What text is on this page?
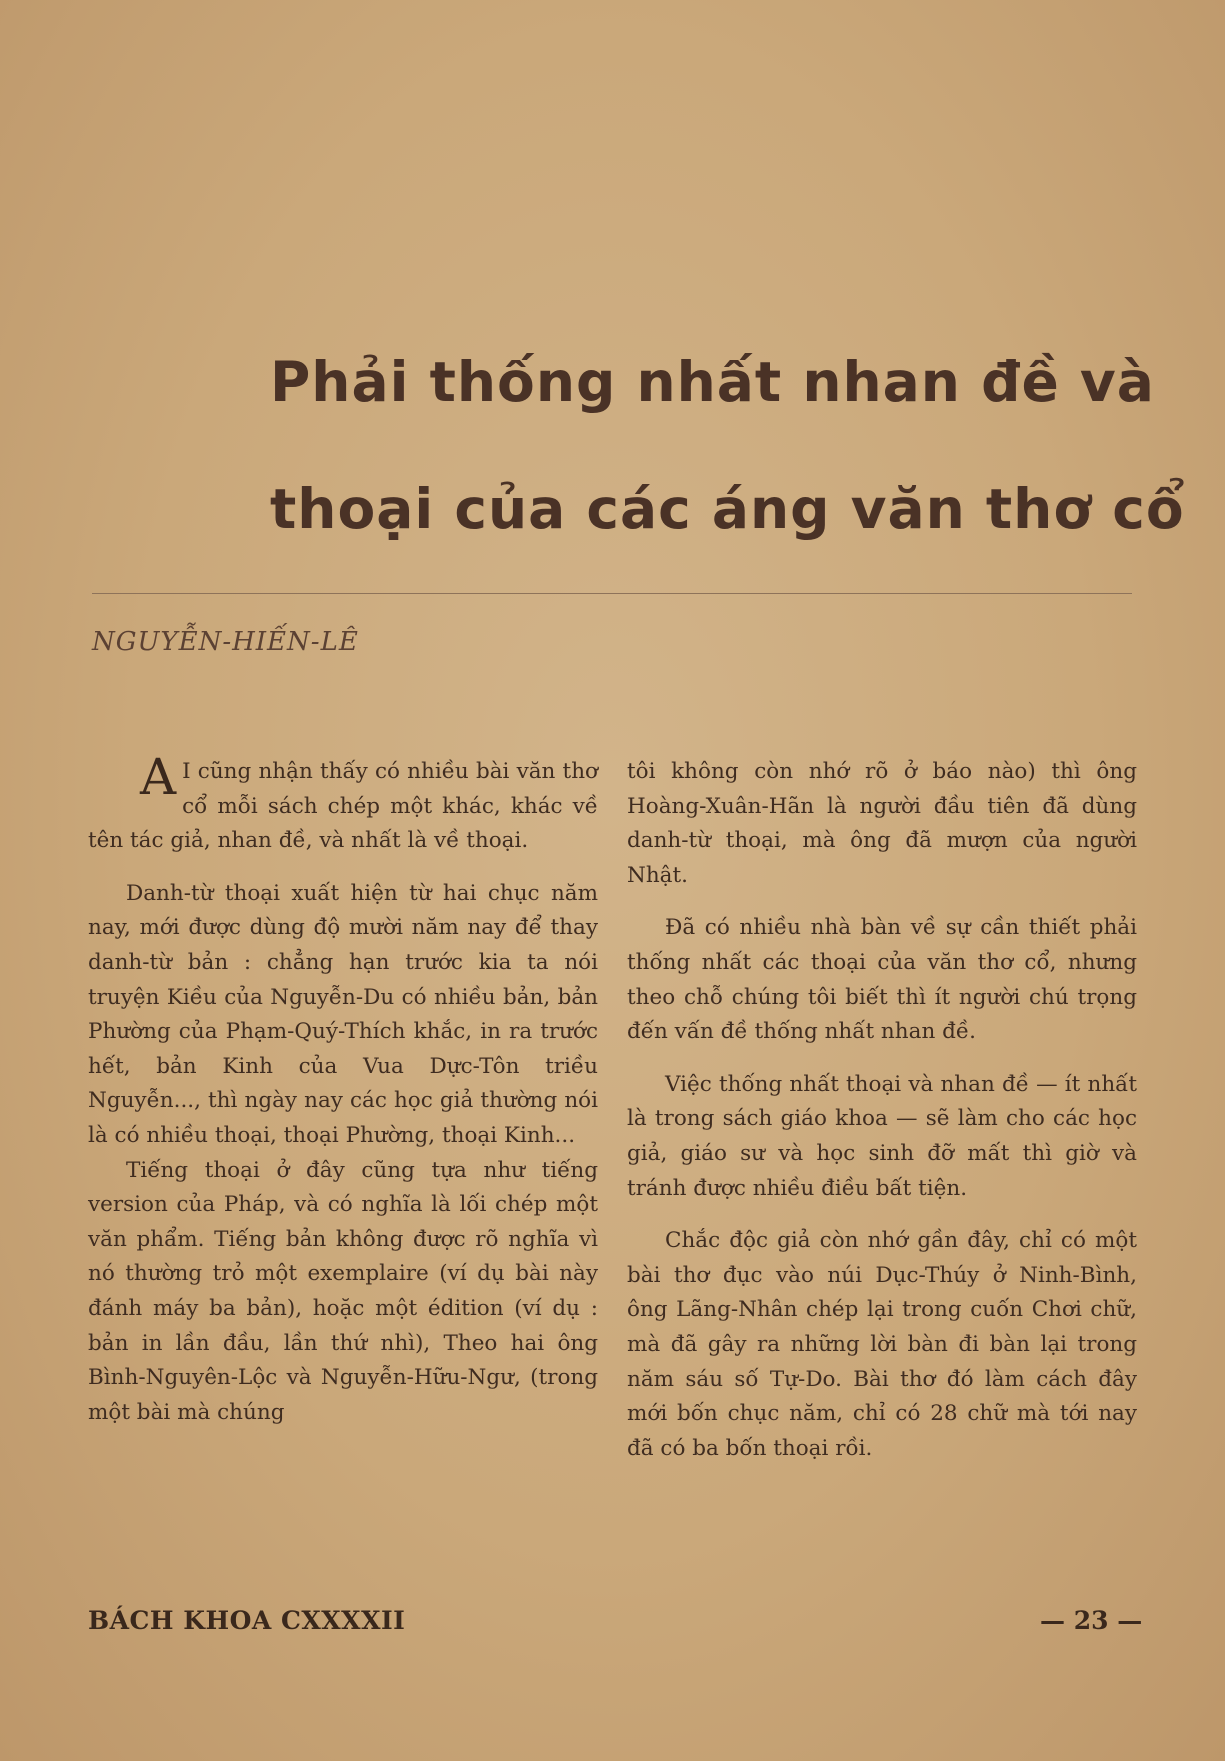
Phải thống nhất nhan đề và
thoại của các áng văn thơ cổ
NGUYỄN-HIẾN-LÊ

A I cũng nhận thấy có nhiều bài văn thơ cổ mỗi sách chép một khác, khác về tên tác giả, nhan đề, và nhất là về thoại.

Danh-từ thoại xuất hiện từ hai chục năm nay, mới được dùng độ mười năm nay để thay danh-từ bản : chẳng hạn trước kia ta nói truyện Kiều của Nguyễn-Du có nhiều bản, bản Phường của Phạm-Quý-Thích khắc, in ra trước hết, bản Kinh của Vua Dực-Tôn triều Nguyễn..., thì ngày nay các học giả thường nói là có nhiều thoại, thoại Phường, thoại Kinh...

Tiếng thoại ở đây cũng tựa như tiếng version của Pháp, và có nghĩa là lối chép một văn phẩm. Tiếng bản không được rõ nghĩa vì nó thường trỏ một exemplaire (ví dụ bài này đánh máy ba bản), hoặc một édition (ví dụ : bản in lần đầu, lần thứ nhì), Theo hai ông Bình-Nguyên-Lộc và Nguyễn-Hữu-Ngư, (trong một bài mà chúng

tôi không còn nhớ rõ ở báo nào) thì ông Hoàng-Xuân-Hãn là người đầu tiên đã dùng danh-từ thoại, mà ông đã mượn của người Nhật.

Đã có nhiều nhà bàn về sự cần thiết phải thống nhất các thoại của văn thơ cổ, nhưng theo chỗ chúng tôi biết thì ít người chú trọng đến vấn đề thống nhất nhan đề.

Việc thống nhất thoại và nhan đề — ít nhất là trong sách giáo khoa — sẽ làm cho các học giả, giáo sư và học sinh đỡ mất thì giờ và tránh được nhiều điều bất tiện.

Chắc độc giả còn nhớ gần đây, chỉ có một bài thơ đục vào núi Dục-Thúy ở Ninh-Bình, ông Lãng-Nhân chép lại trong cuốn Chơi chữ, mà đã gây ra những lời bàn đi bàn lại trong năm sáu số Tự-Do. Bài thơ đó làm cách đây mới bốn chục năm, chỉ có 28 chữ mà tới nay đã có ba bốn thoại rồi.

BÁCH KHOA CXXXXII	— 23 —
